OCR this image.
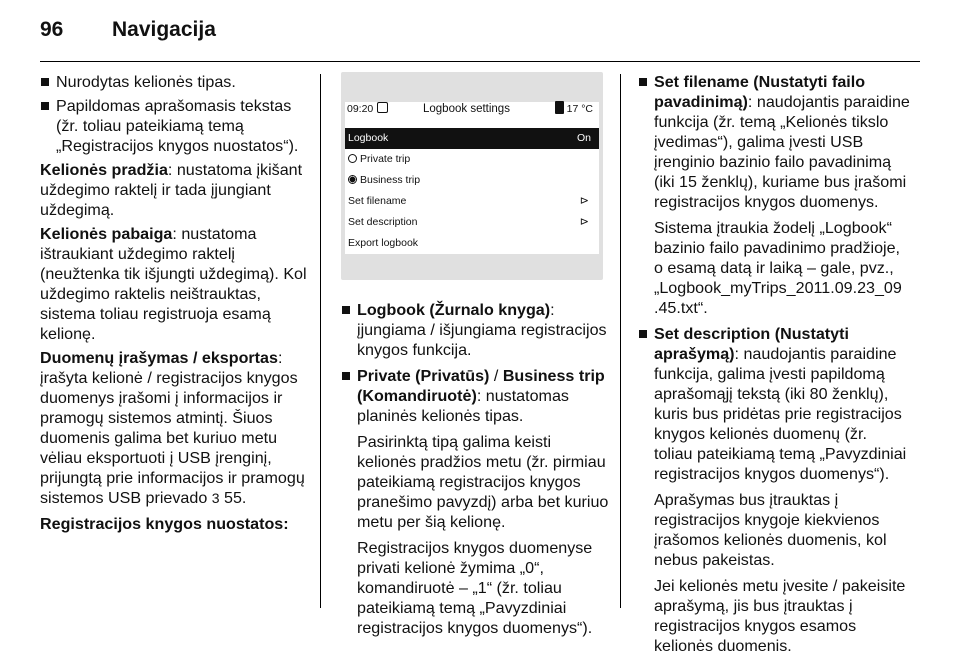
96 Navigacija

Nurodytas kelionės tipas.

Papildomas aprašomasis tekstas

(žr. toliau pateikiamą temą

„Registracijos knygos nuostatos“).

Kelionės pradžia: nustatoma įkišant

uždegimo raktelį ir tada įjungiant

uždegimą.

Kelionės pabaiga: nustatoma

ištraukiant uždegimo raktelį

(neužtenka tik išjungti uždegimą). Kol

uždegimo raktelis neištrauktas,

sistema toliau registruoja esamą

kelionę.

Duomenų įrašymas / eksportas:

įrašyta kelionė / registracijos knygos

duomenys įrašomi į informacijos ir

pramogų sistemos atmintį. Šiuos

duomenis galima bet kuriuo metu

vėliau eksportuoti į USB įrenginį,

prijungtą prie informacijos ir pramogų

sistemos USB prievado 3 55.

Registracijos knygos nuostatos:

09:20	Logbook settings	17 °C
Logbook	On
Private trip
Business trip
Set filename	⊳
Set description	⊳
Export logbook

Logbook (Žurnalo knyga):

įjungiama / išjungiama registracijos

knygos funkcija.

Private (Privatūs) / Business trip

(Komandiruotė): nustatomas

planinės kelionės tipas.

Pasirinktą tipą galima keisti

kelionės pradžios metu (žr. pirmiau

pateikiamą registracijos knygos

pranešimo pavyzdį) arba bet kuriuo

metu per šią kelionę.

Registracijos knygos duomenyse

privati kelionė žymima „0“,

komandiruotė – „1“ (žr. toliau

pateikiamą temą „Pavyzdiniai

registracijos knygos duomenys“).

Set filename (Nustatyti failo

pavadinimą): naudojantis paraidine

funkcija (žr. temą „Kelionės tikslo

įvedimas“), galima įvesti USB

įrenginio bazinio failo pavadinimą

(iki 15 ženklų), kuriame bus įrašomi

registracijos knygos duomenys.

Sistema įtraukia žodelį „Logbook“

bazinio failo pavadinimo pradžioje,

o esamą datą ir laiką – gale, pvz.,

„Logbook_myTrips_2011.09.23_09

.45.txt“.

Set description (Nustatyti

aprašymą): naudojantis paraidine

funkcija, galima įvesti papildomą

aprašomąjį tekstą (iki 80 ženklų),

kuris bus pridėtas prie registracijos

knygos kelionės duomenų (žr.

toliau pateikiamą temą „Pavyzdiniai

registracijos knygos duomenys“).

Aprašymas bus įtrauktas į

registracijos knygoje kiekvienos

įrašomos kelionės duomenis, kol

nebus pakeistas.

Jei kelionės metu įvesite / pakeisite

aprašymą, jis bus įtrauktas į

registracijos knygos esamos

kelionės duomenis.
